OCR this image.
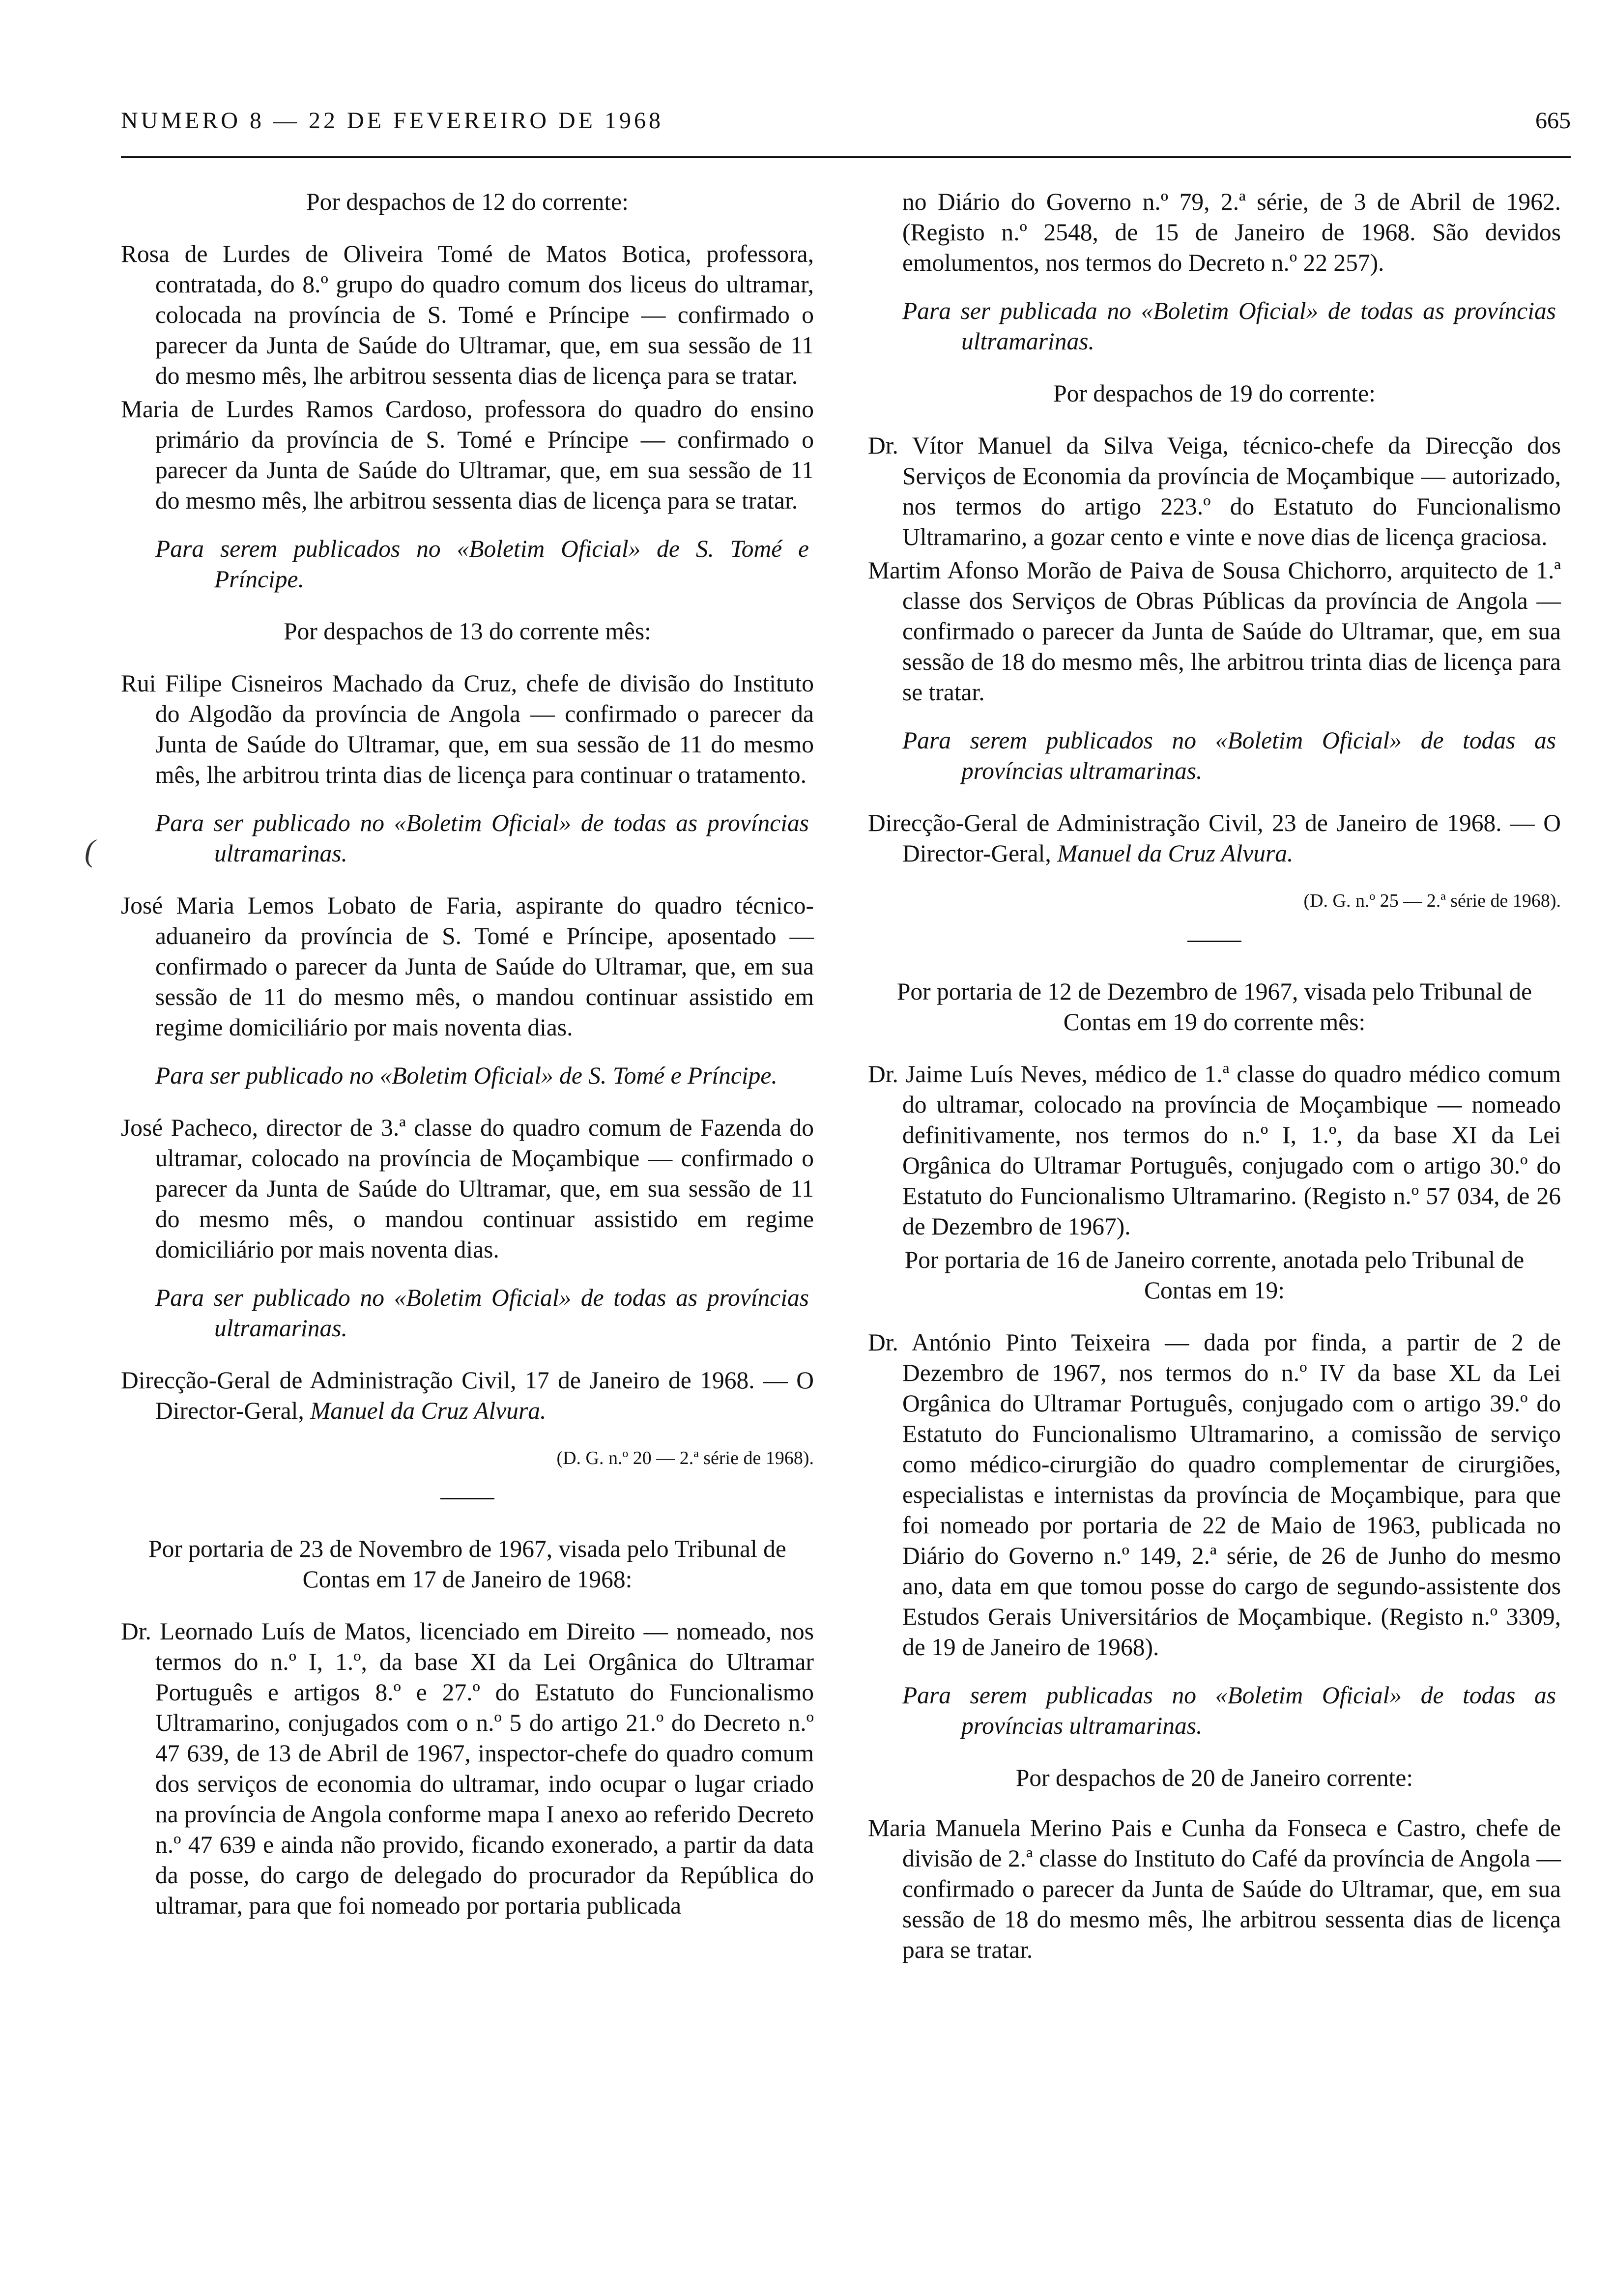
NUMERO 8 — 22 DE FEVEREIRO DE 1968	665
(

Por despachos de 12 do corrente:

Rosa de Lurdes de Oliveira Tomé de Matos Botica, professora, contratada, do 8.º grupo do quadro comum dos liceus do ultramar, colocada na província de S. Tomé e Príncipe — confirmado o parecer da Junta de Saúde do Ultramar, que, em sua sessão de 11 do mesmo mês, lhe arbitrou sessenta dias de licença para se tratar.

Maria de Lurdes Ramos Cardoso, professora do quadro do ensino primário da província de S. Tomé e Príncipe — confirmado o parecer da Junta de Saúde do Ultramar, que, em sua sessão de 11 do mesmo mês, lhe arbitrou sessenta dias de licença para se tratar.

Para serem publicados no «Boletim Oficial» de S. Tomé e Príncipe.

Por despachos de 13 do corrente mês:

Rui Filipe Cisneiros Machado da Cruz, chefe de divisão do Instituto do Algodão da província de Angola — confirmado o parecer da Junta de Saúde do Ultramar, que, em sua sessão de 11 do mesmo mês, lhe arbitrou trinta dias de licença para continuar o tratamento.

Para ser publicado no «Boletim Oficial» de todas as províncias ultramarinas.

José Maria Lemos Lobato de Faria, aspirante do quadro técnico-aduaneiro da província de S. Tomé e Príncipe, aposentado — confirmado o parecer da Junta de Saúde do Ultramar, que, em sua sessão de 11 do mesmo mês, o mandou continuar assistido em regime domiciliário por mais noventa dias.

Para ser publicado no «Boletim Oficial» de S. Tomé e Príncipe.

José Pacheco, director de 3.ª classe do quadro comum de Fazenda do ultramar, colocado na província de Moçambique — confirmado o parecer da Junta de Saúde do Ultramar, que, em sua sessão de 11 do mesmo mês, o mandou continuar assistido em regime domiciliário por mais noventa dias.

Para ser publicado no «Boletim Oficial» de todas as províncias ultramarinas.

Direcção-Geral de Administração Civil, 17 de Janeiro de 1968. — O Director-Geral, Manuel da Cruz Alvura.

(D. G. n.º 20 — 2.ª série de 1968).

Por portaria de 23 de Novembro de 1967, visada pelo Tribunal de Contas em 17 de Janeiro de 1968:

Dr. Leornado Luís de Matos, licenciado em Direito — nomeado, nos termos do n.º I, 1.º, da base XI da Lei Orgânica do Ultramar Português e artigos 8.º e 27.º do Estatuto do Funcionalismo Ultramarino, conjugados com o n.º 5 do artigo 21.º do Decreto n.º 47 639, de 13 de Abril de 1967, inspector-chefe do quadro comum dos serviços de economia do ultramar, indo ocupar o lugar criado na província de Angola conforme mapa I anexo ao referido Decreto n.º 47 639 e ainda não provido, ficando exonerado, a partir da data da posse, do cargo de delegado do procurador da República do ultramar, para que foi nomeado por portaria publicada

no Diário do Governo n.º 79, 2.ª série, de 3 de Abril de 1962. (Registo n.º 2548, de 15 de Janeiro de 1968. São devidos emolumentos, nos termos do Decreto n.º 22 257).

Para ser publicada no «Boletim Oficial» de todas as províncias ultramarinas.

Por despachos de 19 do corrente:

Dr. Vítor Manuel da Silva Veiga, técnico-chefe da Direcção dos Serviços de Economia da província de Moçambique — autorizado, nos termos do artigo 223.º do Estatuto do Funcionalismo Ultramarino, a gozar cento e vinte e nove dias de licença graciosa.

Martim Afonso Morão de Paiva de Sousa Chichorro, arquitecto de 1.ª classe dos Serviços de Obras Públicas da província de Angola — confirmado o parecer da Junta de Saúde do Ultramar, que, em sua sessão de 18 do mesmo mês, lhe arbitrou trinta dias de licença para se tratar.

Para serem publicados no «Boletim Oficial» de todas as províncias ultramarinas.

Direcção-Geral de Administração Civil, 23 de Janeiro de 1968. — O Director-Geral, Manuel da Cruz Alvura.

(D. G. n.º 25 — 2.ª série de 1968).

Por portaria de 12 de Dezembro de 1967, visada pelo Tribunal de Contas em 19 do corrente mês:

Dr. Jaime Luís Neves, médico de 1.ª classe do quadro médico comum do ultramar, colocado na província de Moçambique — nomeado definitivamente, nos termos do n.º I, 1.º, da base XI da Lei Orgânica do Ultramar Português, conjugado com o artigo 30.º do Estatuto do Funcionalismo Ultramarino. (Registo n.º 57 034, de 26 de Dezembro de 1967).

Por portaria de 16 de Janeiro corrente, anotada pelo Tribunal de Contas em 19:

Dr. António Pinto Teixeira — dada por finda, a partir de 2 de Dezembro de 1967, nos termos do n.º IV da base XL da Lei Orgânica do Ultramar Português, conjugado com o artigo 39.º do Estatuto do Funcionalismo Ultramarino, a comissão de serviço como médico-cirurgião do quadro complementar de cirurgiões, especialistas e internistas da província de Moçambique, para que foi nomeado por portaria de 22 de Maio de 1963, publicada no Diário do Governo n.º 149, 2.ª série, de 26 de Junho do mesmo ano, data em que tomou posse do cargo de segundo-assistente dos Estudos Gerais Universitários de Moçambique. (Registo n.º 3309, de 19 de Janeiro de 1968).

Para serem publicadas no «Boletim Oficial» de todas as províncias ultramarinas.

Por despachos de 20 de Janeiro corrente:

Maria Manuela Merino Pais e Cunha da Fonseca e Castro, chefe de divisão de 2.ª classe do Instituto do Café da província de Angola — confirmado o parecer da Junta de Saúde do Ultramar, que, em sua sessão de 18 do mesmo mês, lhe arbitrou sessenta dias de licença para se tratar.
